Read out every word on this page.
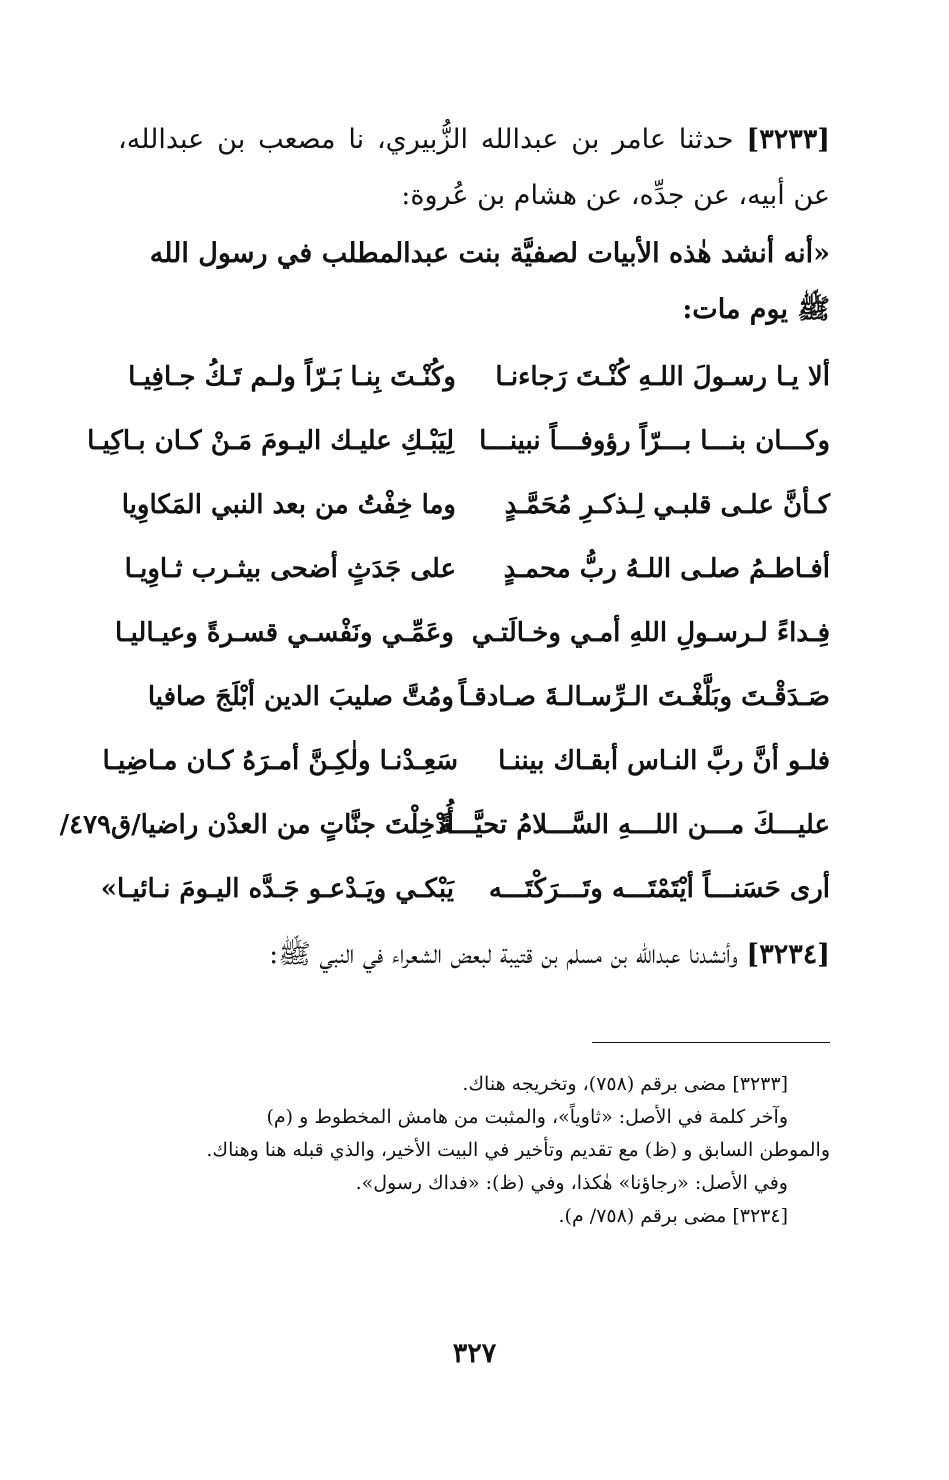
[٣٢٣٣] حدثنا عامر بن عبدالله الزُّبيري، نا مصعب بن عبدالله، عن أبيه، عن جدِّه، عن هشام بن عُروة:
«أنه أنشد هٰذه الأبيات لصفيَّة بنت عبدالمطلب في رسول الله ﷺ يوم مات:
ألا يـا رسـولَ اللـهِ كُنْـتَ رَجاءنـا
وكُنْـتَ بِنـا بَـرّاً ولـم تَـكُ جـافِيـا
وكـــان بنـــا بـــرّاً رؤوفـــاً نبينـــا
لِيَبْـكِ عليـك اليـومَ مَـنْ كـان بـاكِيـا
كـأنَّ علـى قلبـي لِـذكـرِ مُحَمَّـدٍ
وما خِفْتُ من بعد النبي المَكاوِيا
أفـاطـمُ صلـى اللـهُ ربُّ محمـدٍ
على جَدَثٍ أضحى بيثـرب ثـاوِيـا
فِـداءً لـرسـولِ اللهِ أمـي وخـالَتـي
وعَمِّـي ونَفْسـي قسـرةً وعيـاليـا
صَـدَقْـتَ وبَلَّغْـتَ الـرِّسـالـةَ صـادقـاً
ومُتَّ صليبَ الدين أبْلَجَ صافيا
فلـو أنَّ ربَّ النـاس أبقـاك بيننـا
سَعِـدْنـا ولٰكِـنَّ أمـرَهُ كـان مـاضِيـا
عليـــكَ مـــن اللـــهِ السَّـــلامُ تحيَّـــةً
أُدْخِلْتَ جنَّاتٍ من العدْن راضيا/ق٤٧٩/
أرى حَسَنـــاً أيْتَمْتَـــه وتَـــرَكْتَـــه
يَبْكـي ويَـدْعـو جَـدَّه اليـومَ نـائيـا»
[٣٢٣٤] وأنشدنا عبدالله بن مسلم بن قتيبة لبعض الشعراء في النبي ﷺ:
[٣٢٣٣] مضى برقم (٧٥٨)، وتخريجه هناك.
وآخر كلمة في الأصل: «ثاوياً»، والمثبت من هامش المخطوط و (م)
والموطن السابق و (ظ) مع تقديم وتأخير في البيت الأخير، والذي قبله هنا وهناك.
وفي الأصل: «رجاؤنا» هٰكذا، وفي (ظ): «فداك رسول».
[٣٢٣٤] مضى برقم (٧٥٨/ م).
٣٢٧
